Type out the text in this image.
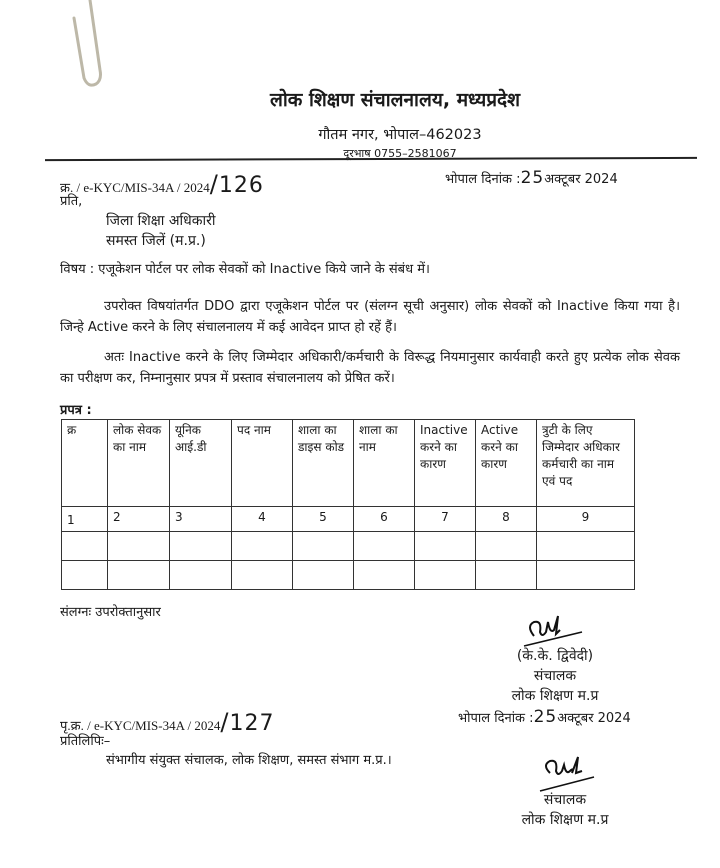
लोक शिक्षण संचालनालय, मध्यप्रदेश
गौतम नगर, भोपाल–462023
दूरभाष 0755–2581067
क्र. / e-KYC/MIS-34A / 2024/126	भोपाल दिनांक :25अक्टूबर 2024
प्रति,
जिला शिक्षा अधिकारी
समस्त जिलें (म.प्र.)
विषय : एजूकेशन पोर्टल पर लोक सेवकों को Inactive किये जाने के संबंध में।
उपरोक्त विषयांतर्गत DDO द्वारा एजूकेशन पोर्टल पर (संलग्न सूची अनुसार) लोक सेवकों को Inactive किया गया है। जिन्हे Active करने के लिए संचालनालय में कई आवेदन प्राप्त हो रहें हैं।
अतः Inactive करने के लिए जिम्मेदार अधिकारी/कर्मचारी के विरूद्ध नियमानुसार कार्यवाही करते हुए प्रत्येक लोक सेवक का परीक्षण कर, निम्नानुसार प्रपत्र में प्रस्ताव संचालनालय को प्रेषित करें।
प्रपत्र :
क्र	लोक सेवक का नाम	यूनिक आई.डी	पद नाम	शाला का डाइस कोड	शाला का नाम	Inactive करने का कारण	Active करने का कारण	त्रुटी के लिए जिम्मेदार अधिकार कर्मचारी का नाम एवं पद
1	2	3	4	5	6	7	8	9

संलग्नः उपरोक्तानुसार
(के.के. द्विवेदी)
संचालक
लोक शिक्षण म.प्र
पृ.क्र. / e-KYC/MIS-34A / 2024/127	भोपाल दिनांक :25अक्टूबर 2024
प्रतिलिपिः–
संभागीय संयुक्त संचालक, लोक शिक्षण, समस्त संभाग म.प्र.।
संचालक
लोक शिक्षण म.प्र
